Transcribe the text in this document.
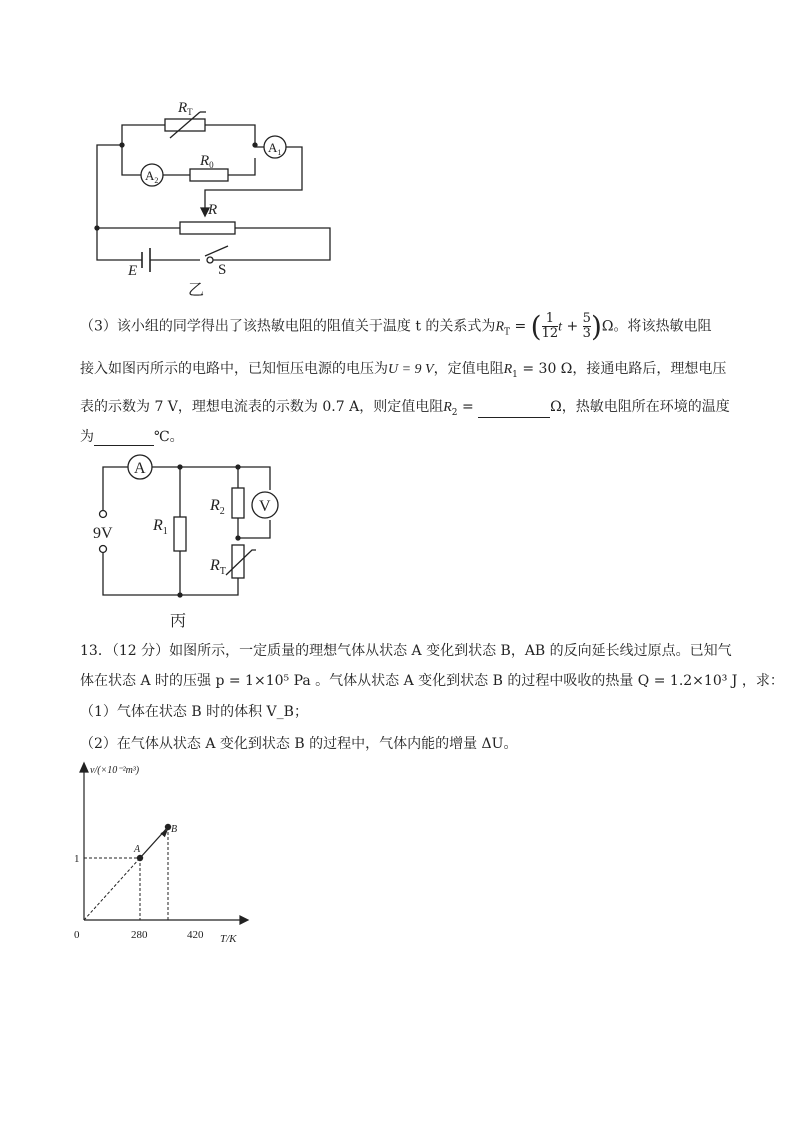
$R_T$
$R_0$
$A_1$
$A_2$
R
E	S
乙
（3）该小组的同学得出了该热敏电阻的阻值关于温度 t 的关系式为$R_T$ = ( $\frac{1}{12}$ $t + \frac{5}{3} )\Omega$。将该热敏电阻
接入如图丙所示的电路中，已知恒压电源的电压为U = 9 V，定值电阻$R_1 = 30$ Ω，接通电路后，理想电压
表的示数为 7 V，理想电流表的示数为 0.7 A，则定值电阻$R_2$ =	Ω，热敏电阻所在环境的温度
为	℃。
A
V
9V	$R_1$
$R_2$
$R_T$
丙
13．（12 分）如图所示，一定质量的理想气体从状态 A 变化到状态 B，AB 的反向延长线过原点。已知气
体在状态 A 时的压强 p = 1×10⁵ Pa 。气体从状态 A 变化到状态 B 的过程中吸收的热量 Q = 1.2×10³ J ，求：
（1）气体在状态 B 时的体积 V_B；
（2）在气体从状态 A 变化到状态 B 的过程中，气体内能的增量 ΔU。
A
B
v/(×10⁻²m³)
T/K
0	280	420
1
